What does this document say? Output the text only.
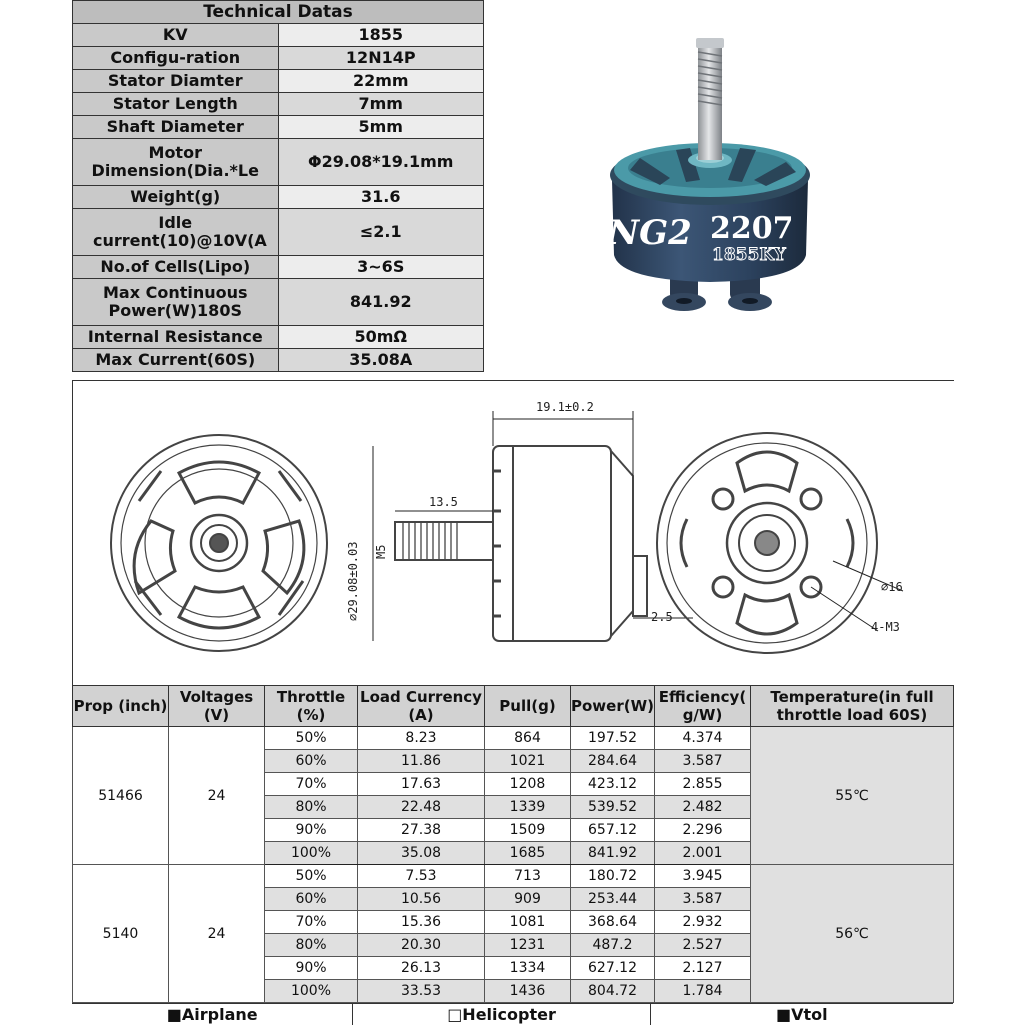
Technical Datas	
KV	1855
Configu-ration	12N14P
Stator Diamter	22mm
Stator Length	7mm
Shaft Diameter	5mm
Motor Dimension(Dia.*Le	Φ29.08*19.1mm
Weight(g)	31.6
Idle current(10)@10V(A	≤2.1
No.of Cells(Lipo)	3~6S
Max Continuous Power(W)180S	841.92
Internal Resistance	50mΩ
Max Current(60S)	35.08A
NG2 2207
1855KY
19.1±0.2
13.5
⌀29.08±0.03 M5
2.5
⌀16
4-M3
Prop (inch)	Voltages (V)	Throttle (%)	Load Currency (A)	Pull(g)	Power(W)	Efficiency( g/W)	Temperature(in full throttle load 60S)
51466	24	50%	8.23	864	197.52	4.374	55℃
		60%	11.86	1021	284.64	3.587	
		70%	17.63	1208	423.12	2.855	
		80%	22.48	1339	539.52	2.482	
		90%	27.38	1509	657.12	2.296	
		100%	35.08	1685	841.92	2.001	
5140	24	50%	7.53	713	180.72	3.945	56℃
		60%	10.56	909	253.44	3.587	
		70%	15.36	1081	368.64	2.932	
		80%	20.30	1231	487.2	2.527	
		90%	26.13	1334	627.12	2.127	
		100%	33.53	1436	804.72	1.784	
■Airplane	□Helicopter	■Vtol
